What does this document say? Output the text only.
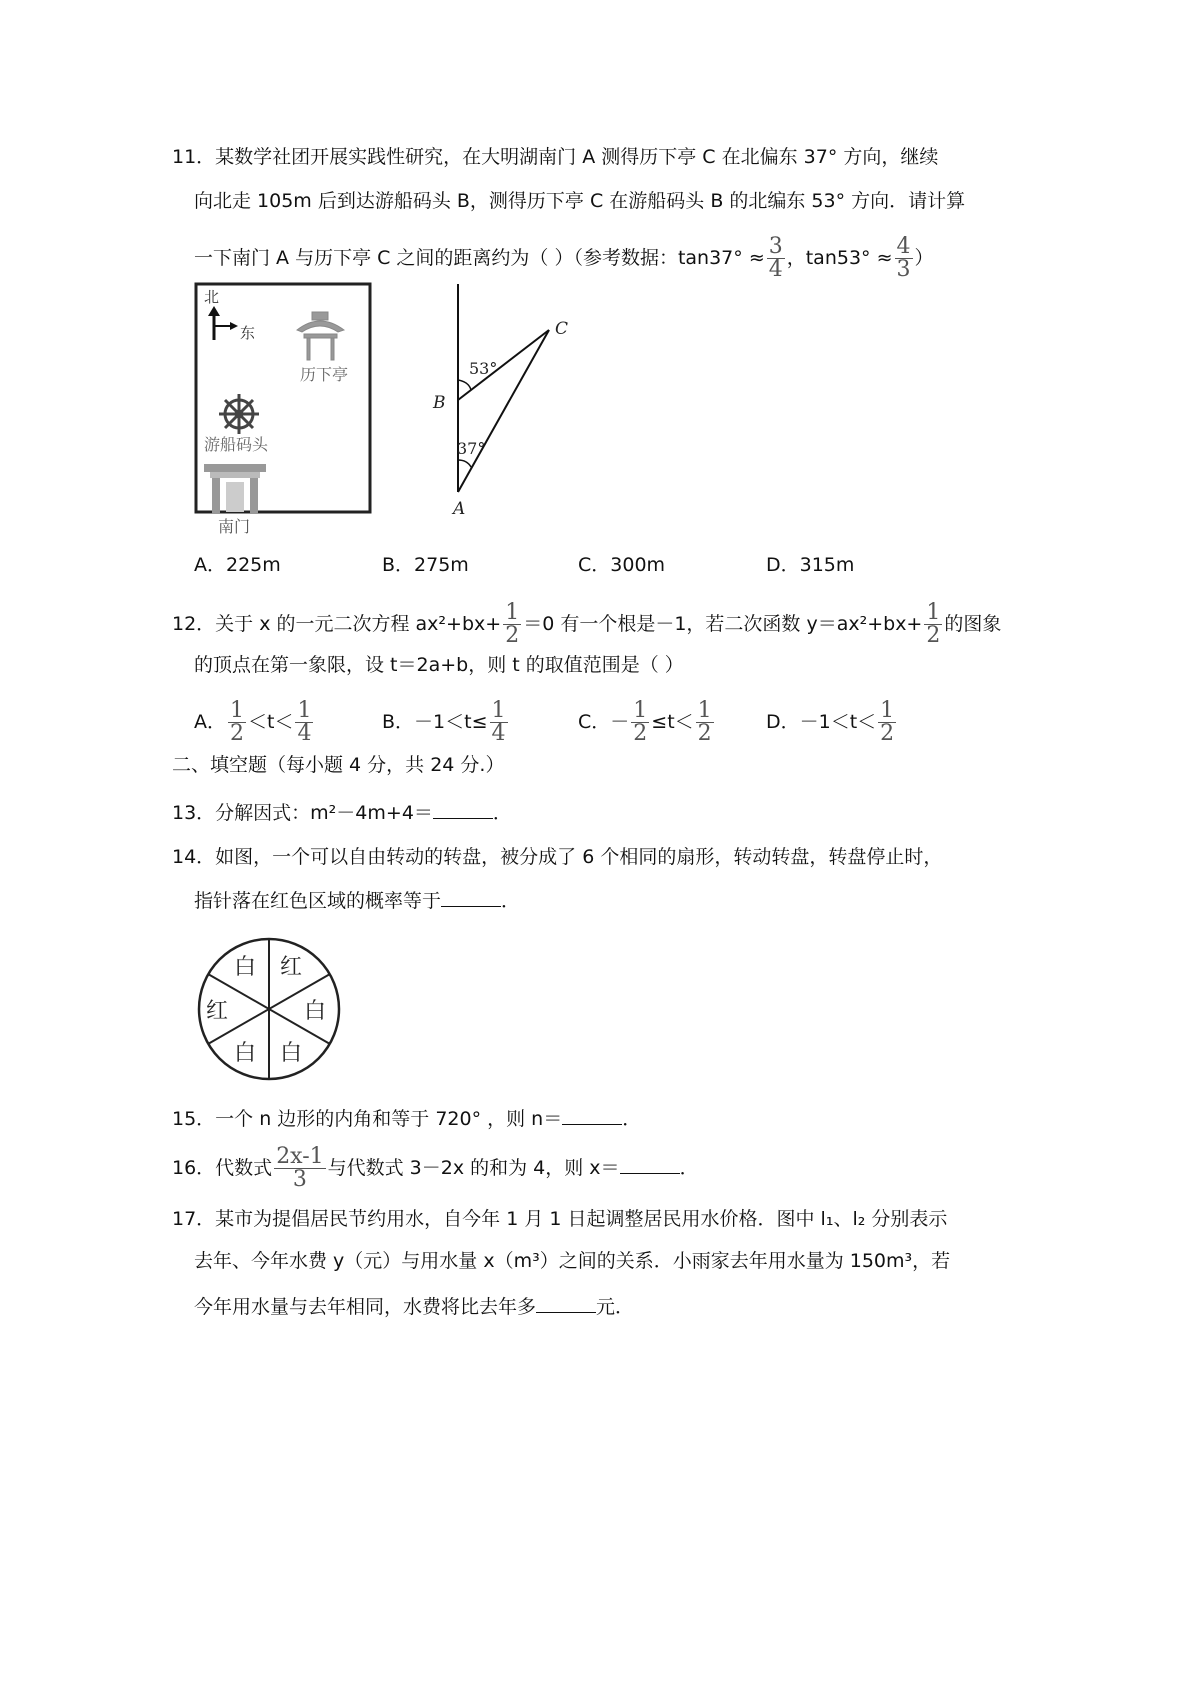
11．某数学社团开展实践性研究，在大明湖南门 A 测得历下亭 C 在北偏东 37° 方向，继续
向北走 105m 后到达游船码头 B，测得历下亭 C 在游船码头 B 的北编东 53° 方向．请计算
一下南门 A 与历下亭 C 之间的距离约为（ ）（参考数据：$\tan 37^\circ \approx \frac{3}{4}$ ，$\tan 53^\circ \approx \frac{4}{3}$ ）
北
东
历下亭
游船码头
南门
53°
37°
C
B
A
A．225m	B．275m	C．300m	D．315m
12．关于 x 的一元二次方程 $ax^2+bx+ \frac{1}{2} =0$ 有一个根是－1，若二次函数 $y=ax^2+bx+ \frac{1}{2}$ 的图象
的顶点在第一象限，设 t＝2a+b，则 t 的取值范围是（ ）
A． $\frac{1}{2} <t< \frac{1}{4}$	B．$-1<t\le \frac{1}{4}$	C．－ $\frac{1}{2} \le t< \frac{1}{2}$	D．$-1<t< \frac{1}{2}$
二、填空题（每小题 4 分，共 24 分.）
13．分解因式：m²－4m+4＝	．
14．如图，一个可以自由转动的转盘，被分成了 6 个相同的扇形，转动转盘，转盘停止时，
指针落在红色区域的概率等于	．
白 红
白
白
白
红
15．一个 n 边形的内角和等于 720° ，则 n＝	．
16．代数式 $\frac{2x-1}{3}$ 与代数式 3－2x 的和为 4，则 x＝	．
17．某市为提倡居民节约用水，自今年 1 月 1 日起调整居民用水价格．图中 l₁、l₂ 分别表示
去年、今年水费 y（元）与用水量 x（m³）之间的关系．小雨家去年用水量为 150m³，若
今年用水量与去年相同，水费将比去年多	元．
